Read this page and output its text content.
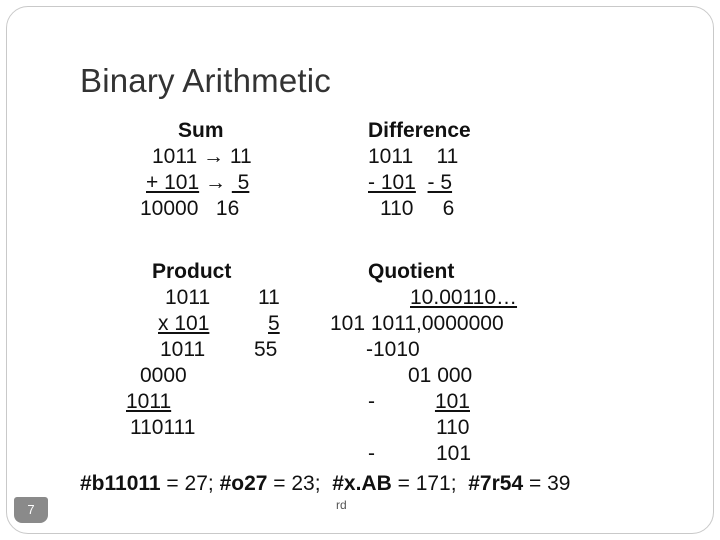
Binary Arithmetic
Sum
1011 → 11
+ 101 →  5
10000   16
Difference
1011    11
- 101 - 5
110     6
Product
1011 11
x 101	5
1011 55
0000
1011
110111
Quotient
10.00110…
101 1011,0000000
-1010
01 000
-	101
110
-	101
#b11011 = 27; #o27 = 23;  #x.AB = 171;  #7r54 = 39
rd
7
